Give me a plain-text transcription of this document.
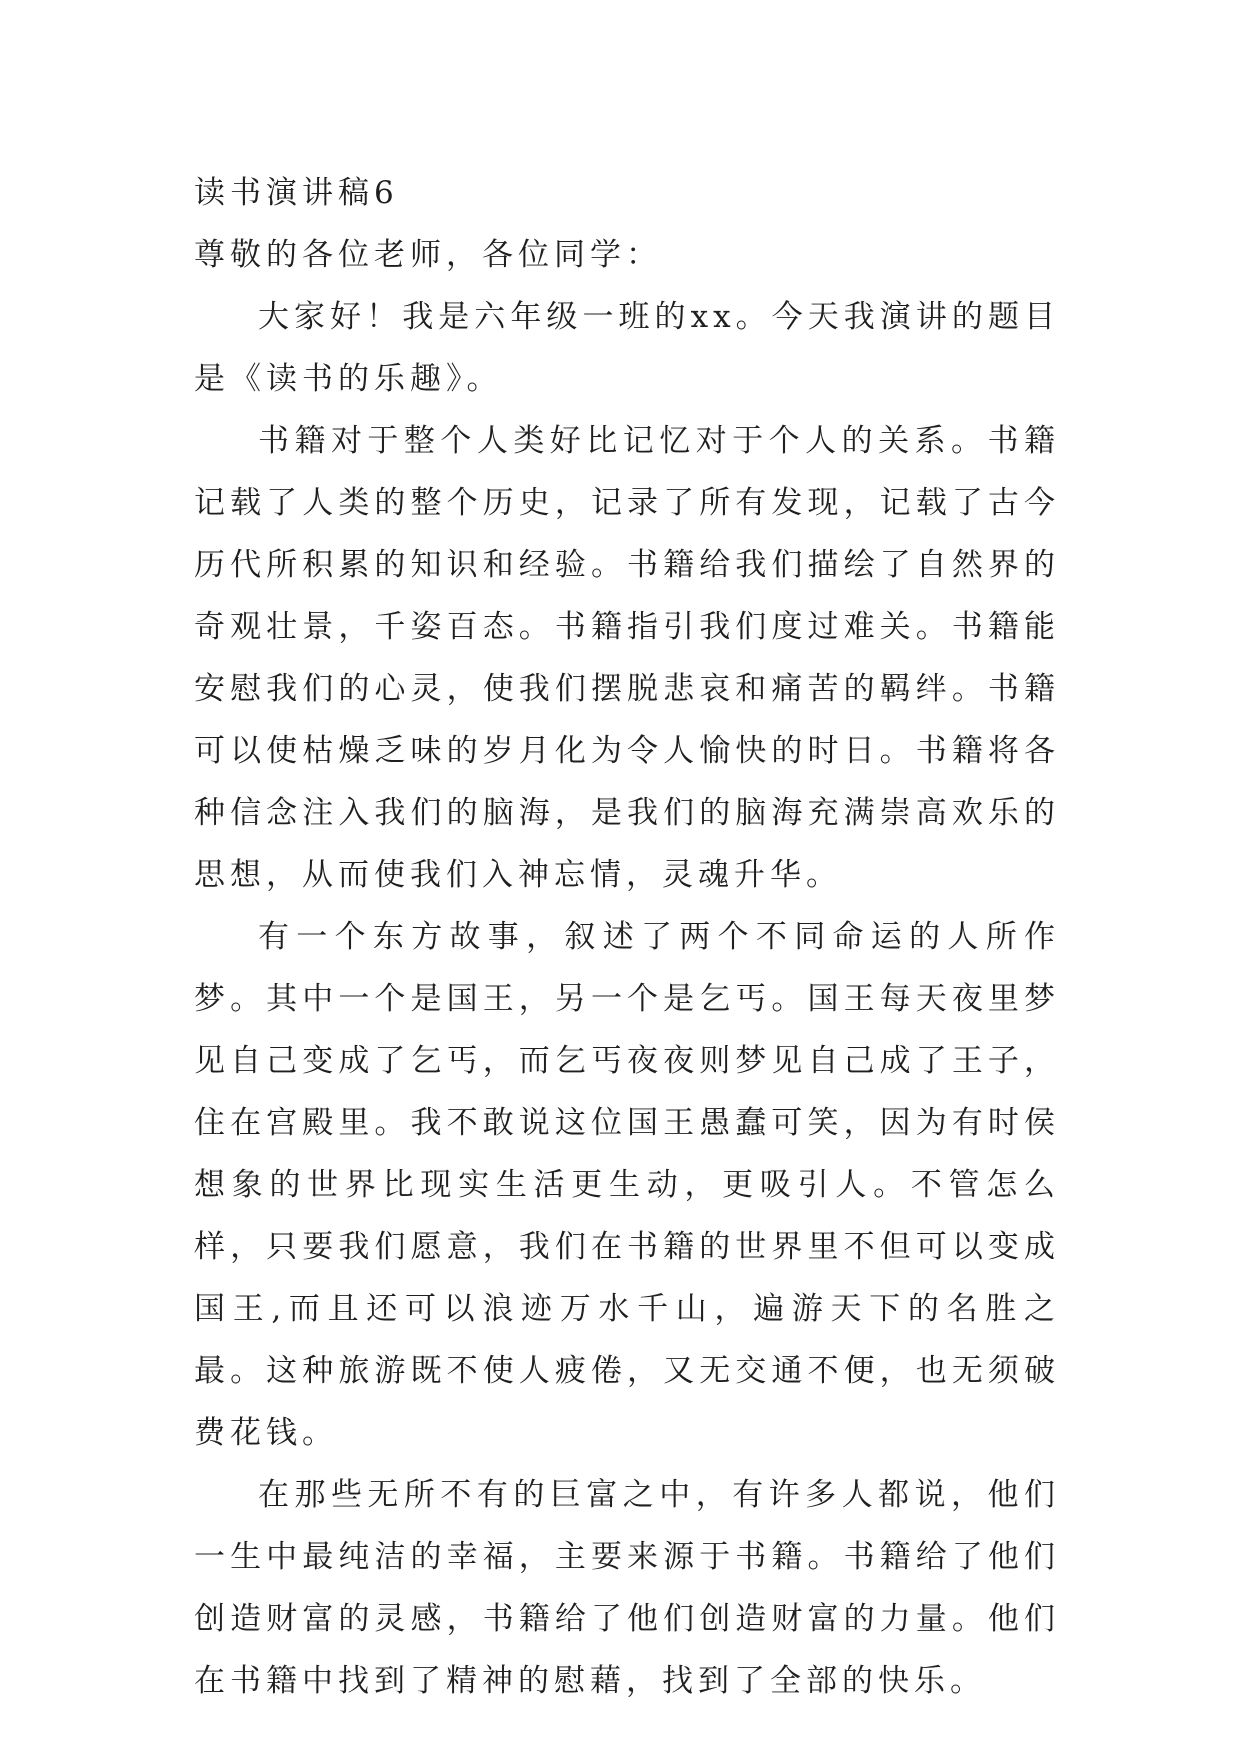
读书演讲稿6

尊敬的各位老师，各位同学：

大家好！我是六年级一班的xx。今天我演讲的题目是《读书的乐趣》。

书籍对于整个人类好比记忆对于个人的关系。书籍记载了人类的整个历史，记录了所有发现，记载了古今历代所积累的知识和经验。书籍给我们描绘了自然界的奇观壮景，千姿百态。书籍指引我们度过难关。书籍能安慰我们的心灵，使我们摆脱悲哀和痛苦的羁绊。书籍可以使枯燥乏味的岁月化为令人愉快的时日。书籍将各种信念注入我们的脑海，是我们的脑海充满崇高欢乐的思想，从而使我们入神忘情，灵魂升华。

有一个东方故事，叙述了两个不同命运的人所作梦。其中一个是国王，另一个是乞丐。国王每天夜里梦见自己变成了乞丐，而乞丐夜夜则梦见自己成了王子，住在宫殿里。我不敢说这位国王愚蠢可笑，因为有时侯想象的世界比现实生活更生动，更吸引人。不管怎么样，只要我们愿意，我们在书籍的世界里不但可以变成国王,而且还可以浪迹万水千山，遍游天下的名胜之最。这种旅游既不使人疲倦，又无交通不便，也无须破费花钱。

在那些无所不有的巨富之中，有许多人都说，他们一生中最纯洁的幸福，主要来源于书籍。书籍给了他们创造财富的灵感，书籍给了他们创造财富的力量。他们在书籍中找到了精神的慰藉，找到了全部的快乐。
